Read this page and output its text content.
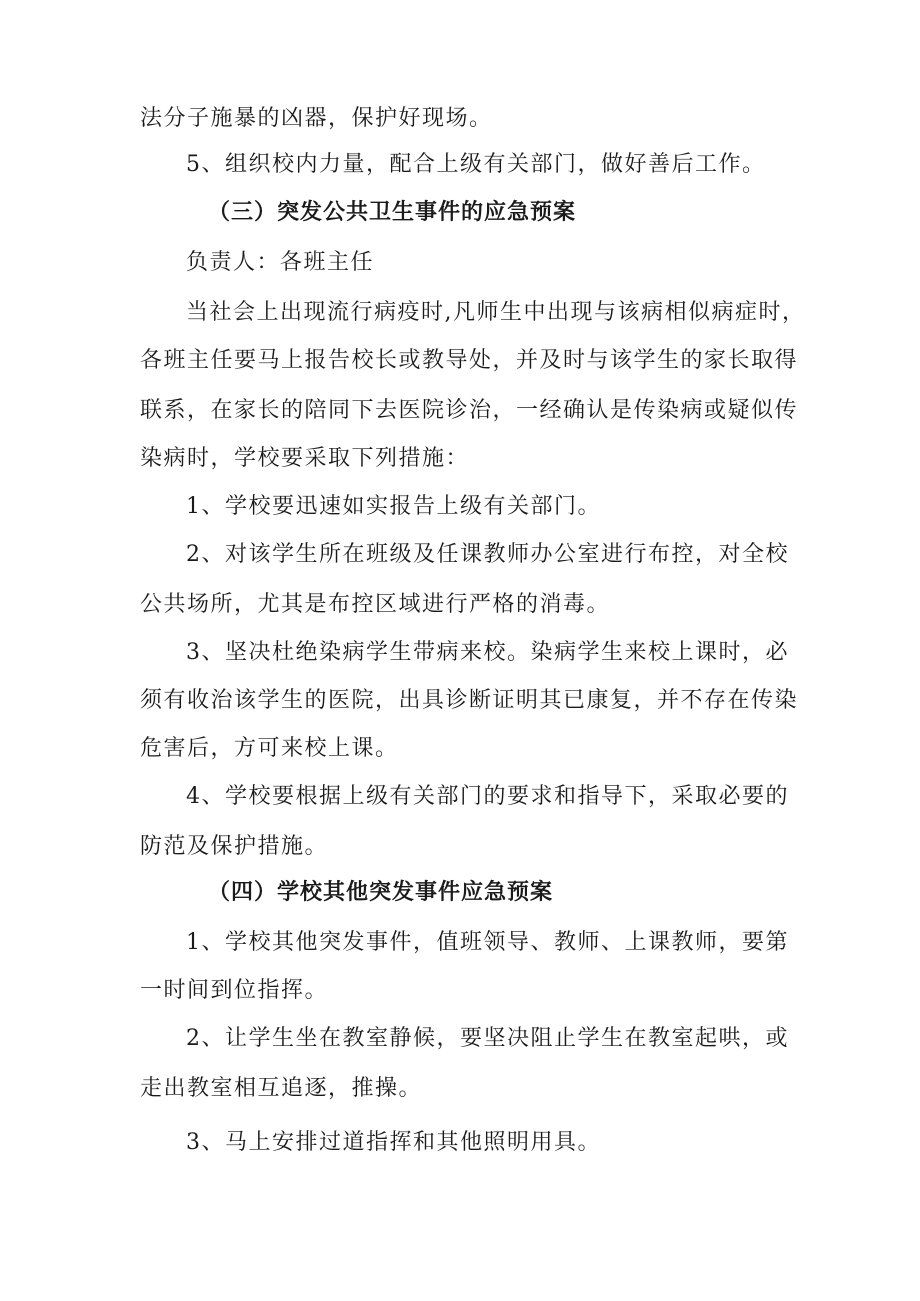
法分子施暴的凶器，保护好现场。
5、组织校内力量，配合上级有关部门，做好善后工作。
（三）突发公共卫生事件的应急预案
负责人：各班主任
当社会上出现流行病疫时,凡师生中出现与该病相似病症时，
各班主任要马上报告校长或教导处，并及时与该学生的家长取得
联系，在家长的陪同下去医院诊治，一经确认是传染病或疑似传
染病时，学校要采取下列措施：
1、学校要迅速如实报告上级有关部门。
2、对该学生所在班级及任课教师办公室进行布控，对全校
公共场所，尤其是布控区域进行严格的消毒。
3、坚决杜绝染病学生带病来校。染病学生来校上课时，必
须有收治该学生的医院，出具诊断证明其已康复，并不存在传染
危害后，方可来校上课。
4、学校要根据上级有关部门的要求和指导下，采取必要的
防范及保护措施。
（四）学校其他突发事件应急预案
1、学校其他突发事件，值班领导、教师、上课教师，要第
一时间到位指挥。
2、让学生坐在教室静候，要坚决阻止学生在教室起哄，或
走出教室相互追逐，推操。
3、马上安排过道指挥和其他照明用具。
